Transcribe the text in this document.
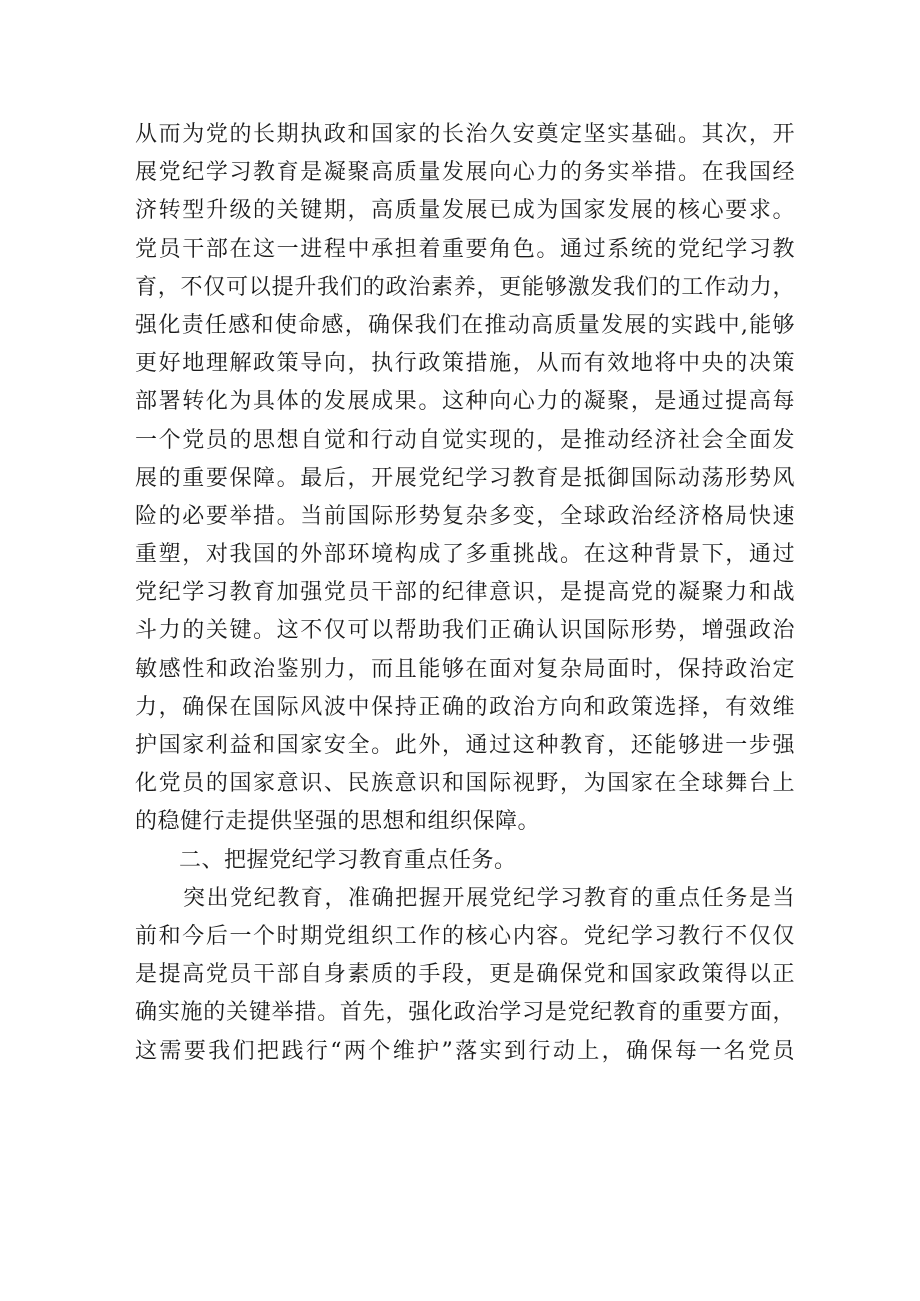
从而为党的长期执政和国家的长治久安奠定坚实基础。其次，开
展党纪学习教育是凝聚高质量发展向心力的务实举措。在我国经
济转型升级的关键期，高质量发展已成为国家发展的核心要求。
党员干部在这一进程中承担着重要角色。通过系统的党纪学习教
育，不仅可以提升我们的政治素养，更能够激发我们的工作动力，
强化责任感和使命感，确保我们在推动高质量发展的实践中,能够
更好地理解政策导向，执行政策措施，从而有效地将中央的决策
部署转化为具体的发展成果。这种向心力的凝聚，是通过提高每
一个党员的思想自觉和行动自觉实现的，是推动经济社会全面发
展的重要保障。最后，开展党纪学习教育是抵御国际动荡形势风
险的必要举措。当前国际形势复杂多变，全球政治经济格局快速
重塑，对我国的外部环境构成了多重挑战。在这种背景下，通过
党纪学习教育加强党员干部的纪律意识，是提高党的凝聚力和战
斗力的关键。这不仅可以帮助我们正确认识国际形势，增强政治
敏感性和政治鉴别力，而且能够在面对复杂局面时，保持政治定
力，确保在国际风波中保持正确的政治方向和政策选择，有效维
护国家利益和国家安全。此外，通过这种教育，还能够进一步强
化党员的国家意识、民族意识和国际视野，为国家在全球舞台上
的稳健行走提供坚强的思想和组织保障。
二、把握党纪学习教育重点任务。
突出党纪教育，准确把握开展党纪学习教育的重点任务是当
前和今后一个时期党组织工作的核心内容。党纪学习教行不仅仅
是提高党员干部自身素质的手段，更是确保党和国家政策得以正
确实施的关键举措。首先，强化政治学习是党纪教育的重要方面，
这需要我们把践行“两个维护”落实到行动上，确保每一名党员
